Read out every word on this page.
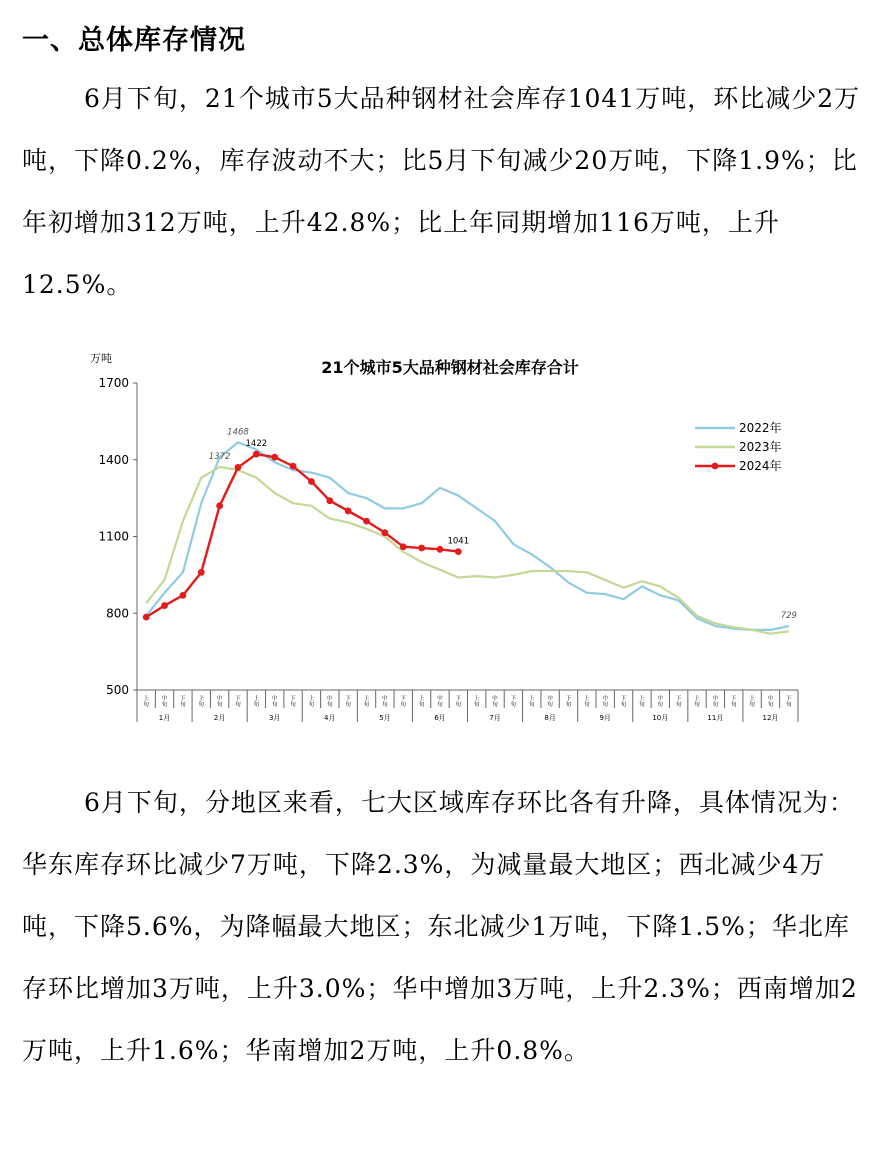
一、总体库存情况

6月下旬，21个城市5大品种钢材社会库存1041万吨，环比减少2万吨，下降0.2%，库存波动不大；比5月下旬减少20万吨，下降1.9%；比年初增加312万吨，上升42.8%；比上年同期增加116万吨，上升12.5%。

21个城市5大品种钢材社会库存合计
万吨
500
800
1100
1400
1700
上旬
中旬
下旬
上旬
中旬
下旬
上旬
中旬
下旬
上旬
中旬
下旬
上旬
中旬
下旬
上旬
中旬
下旬
上旬
中旬
下旬
上旬
中旬
下旬
上旬
中旬
下旬
上旬
中旬
下旬
上旬
中旬
下旬
上旬
中旬
下旬
1月	2月	3月	4月	5月	6月	7月	8月	9月	10月	11月	12月
1468
729
1372
1422
1041
2022年
2023年
2024年

6月下旬，分地区来看，七大区域库存环比各有升降，具体情况为：华东库存环比减少7万吨，下降2.3%，为减量最大地区；西北减少4万吨，下降5.6%，为降幅最大地区；东北减少1万吨，下降1.5%；华北库存环比增加3万吨，上升3.0%；华中增加3万吨，上升2.3%；西南增加2万吨，上升1.6%；华南增加2万吨，上升0.8%。
